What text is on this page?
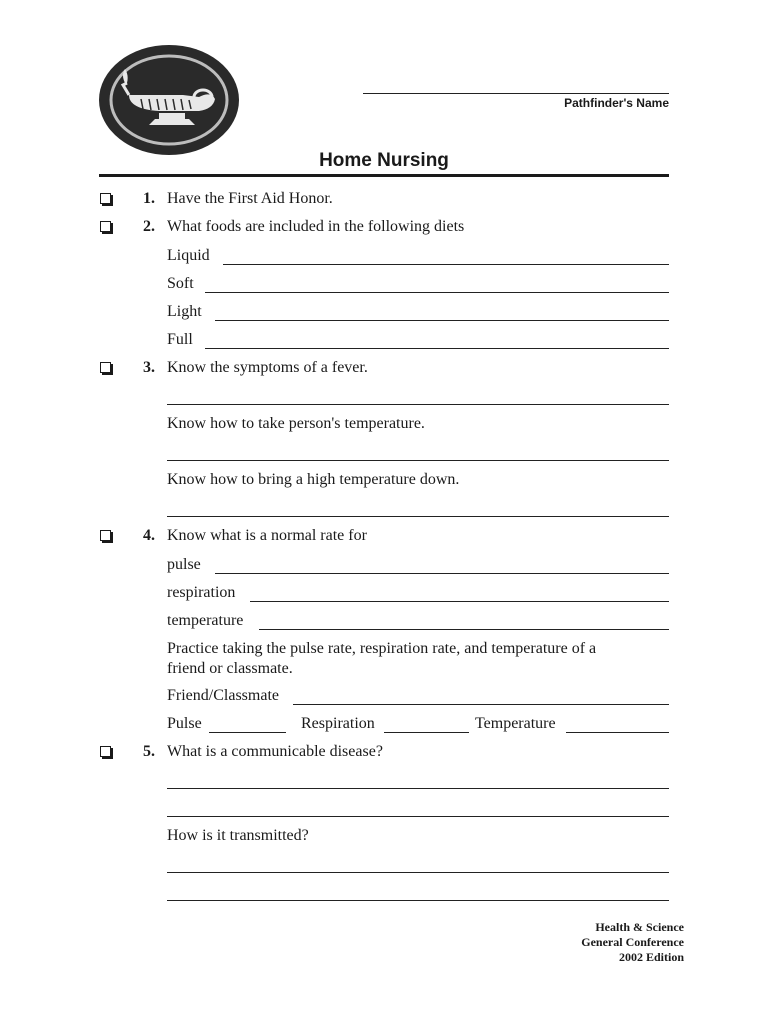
Pathfinder's Name
Home Nursing
1. Have the First Aid Honor.
2. What foods are included in the following diets
Liquid
Soft
Light
Full
3. Know the symptoms of a fever.
Know how to take person's temperature.
Know how to bring a high temperature down.
4. Know what is a normal rate for
pulse
respiration
temperature
Practice taking the pulse rate, respiration rate, and temperature of a friend or classmate.
Friend/Classmate
Pulse	Respiration	Temperature
5. What is a communicable disease?
How is it transmitted?
Health & Science
General Conference
2002 Edition
